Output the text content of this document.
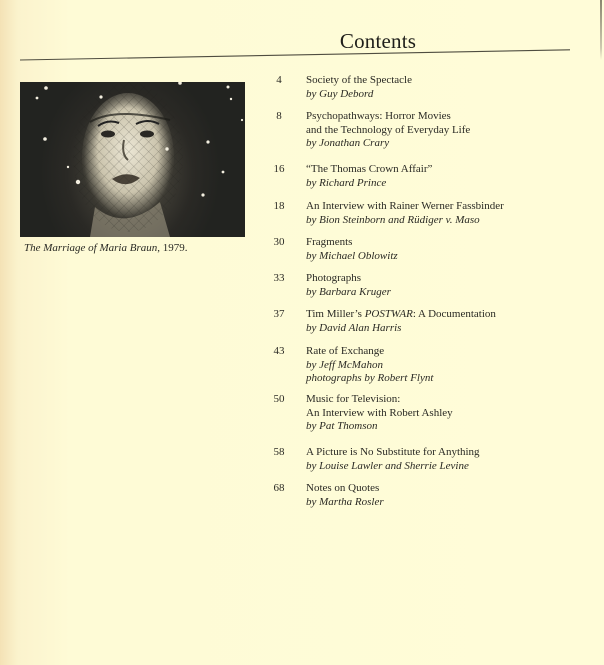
Contents
The Marriage of Maria Braun, 1979.
4	Society of the Spectacle
by Guy Debord
8	Psychopathways: Horror Movies
and the Technology of Everyday Life
by Jonathan Crary
16	“The Thomas Crown Affair”
by Richard Prince
18	An Interview with Rainer Werner Fassbinder
by Bion Steinborn and Rüdiger v. Maso
30	Fragments
by Michael Oblowitz
33	Photographs
by Barbara Kruger
37	Tim Miller’s POSTWAR: A Documentation
by David Alan Harris
43	Rate of Exchange
by Jeff McMahon
photographs by Robert Flynt
50	Music for Television:
An Interview with Robert Ashley
by Pat Thomson
58	A Picture is No Substitute for Anything
by Louise Lawler and Sherrie Levine
68	Notes on Quotes
by Martha Rosler
